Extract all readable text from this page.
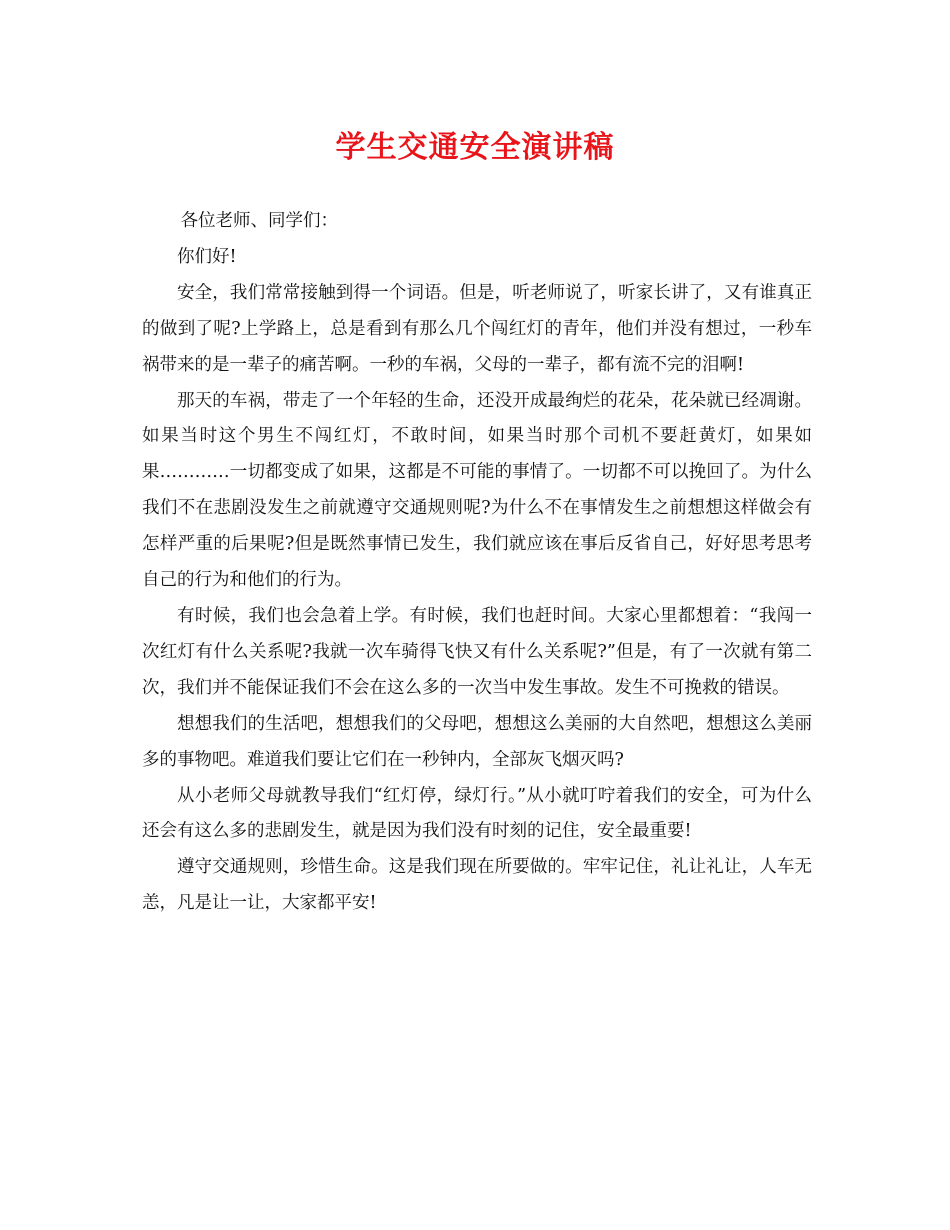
学生交通安全演讲稿

各位老师、同学们：

你们好!

安全，我们常常接触到得一个词语。但是，听老师说了，听家长讲了，又有谁真正的做到了呢?上学路上，总是看到有那么几个闯红灯的青年，他们并没有想过，一秒车祸带来的是一辈子的痛苦啊。一秒的车祸，父母的一辈子，都有流不完的泪啊!

那天的车祸，带走了一个年轻的生命，还没开成最绚烂的花朵，花朵就已经凋谢。如果当时这个男生不闯红灯，不敢时间，如果当时那个司机不要赶黄灯，如果如果…………一切都变成了如果，这都是不可能的事情了。一切都不可以挽回了。为什么我们不在悲剧没发生之前就遵守交通规则呢?为什么不在事情发生之前想想这样做会有怎样严重的后果呢?但是既然事情已发生，我们就应该在事后反省自己，好好思考思考自己的行为和他们的行为。

有时候，我们也会急着上学。有时候，我们也赶时间。大家心里都想着：“我闯一次红灯有什么关系呢?我就一次车骑得飞快又有什么关系呢?”但是，有了一次就有第二次，我们并不能保证我们不会在这么多的一次当中发生事故。发生不可挽救的错误。

想想我们的生活吧，想想我们的父母吧，想想这么美丽的大自然吧，想想这么美丽多的事物吧。难道我们要让它们在一秒钟内，全部灰飞烟灭吗?

从小老师父母就教导我们“红灯停，绿灯行。”从小就叮咛着我们的安全，可为什么还会有这么多的悲剧发生，就是因为我们没有时刻的记住，安全最重要!

遵守交通规则，珍惜生命。这是我们现在所要做的。牢牢记住，礼让礼让，人车无恙，凡是让一让，大家都平安!
